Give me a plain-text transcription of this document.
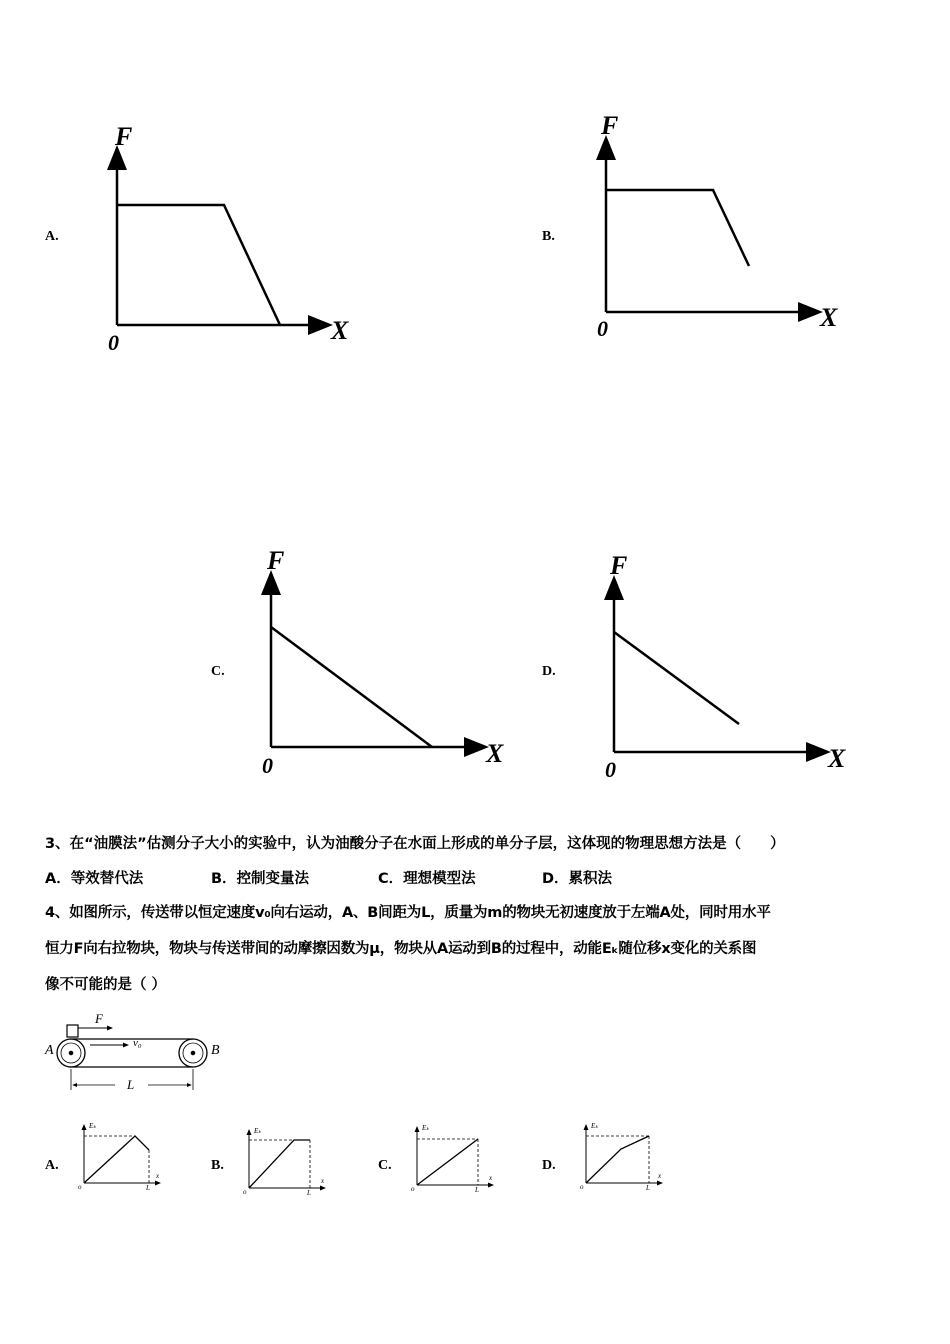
A.
F
X
0
B.
F
X
0
C.
F
X
0
D.
F
X
0
3、在“油膜法”估测分子大小的实验中，认为油酸分子在水面上形成的单分子层，这体现的物理思想方法是（　　）
A．等效替代法	B．控制变量法	C．理想模型法	D．累积法
4、如图所示，传送带以恒定速度v₀向右运动，A、B间距为L，质量为m的物块无初速度放于左端A处，同时用水平
恒力F向右拉物块，物块与传送带间的动摩擦因数为μ，物块从A运动到B的过程中，动能Eₖ随位移x变化的关系图
像不可能的是（ ）
F
v₀
A	B
L
A.
Eₖ
x
o	L
B.
Eₖ
x
o	L
C.
Eₖ
x
o	L
D.
Eₖ
x
o	L
